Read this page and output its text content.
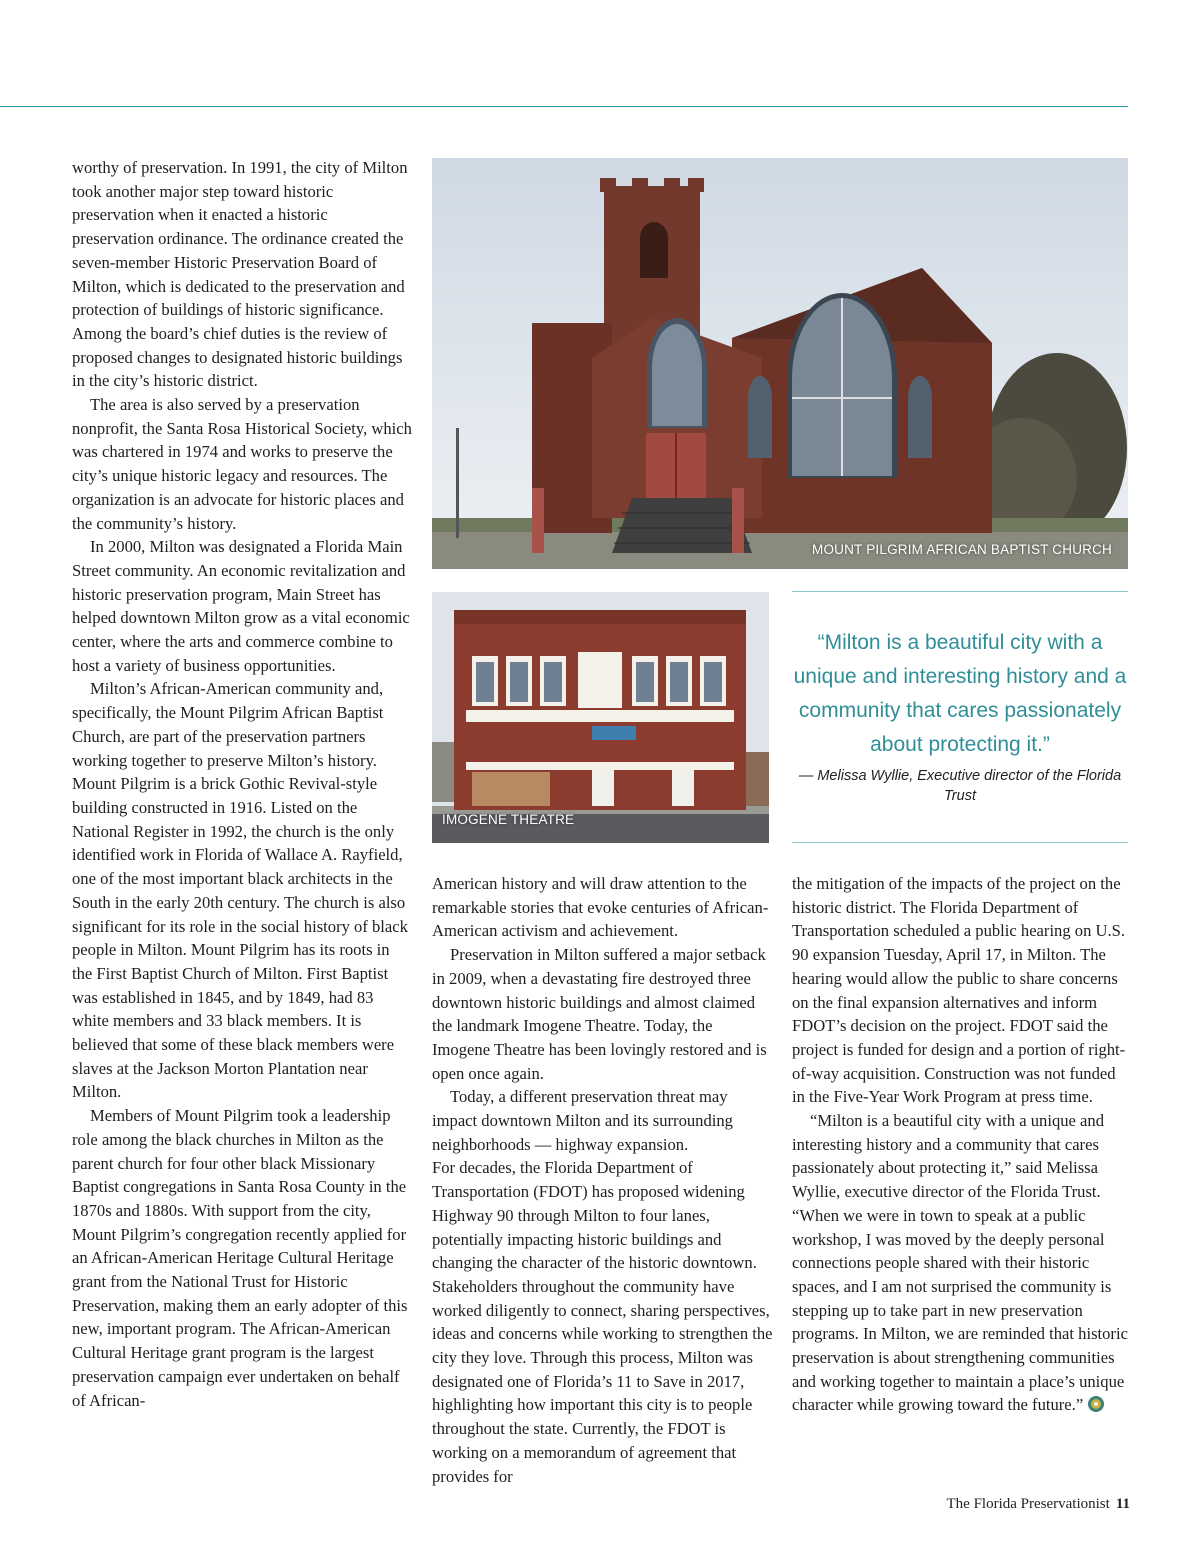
worthy of preservation. In 1991, the city of Milton took another major step toward historic preservation when it enacted a historic preservation ordinance. The ordinance created the seven-member Historic Preservation Board of Milton, which is dedicated to the preservation and protection of buildings of historic significance. Among the board’s chief duties is the review of proposed changes to designated historic buildings in the city’s historic district.

The area is also served by a preservation nonprofit, the Santa Rosa Historical Society, which was chartered in 1974 and works to preserve the city’s unique historic legacy and resources. The organization is an advocate for historic places and the community’s history.

In 2000, Milton was designated a Florida Main Street community. An economic revitalization and historic preservation program, Main Street has helped downtown Milton grow as a vital economic center, where the arts and commerce combine to host a variety of business opportunities.

Milton’s African-American community and, specifically, the Mount Pilgrim African Baptist Church, are part of the preservation partners working together to preserve Milton’s history. Mount Pilgrim is a brick Gothic Revival-style building constructed in 1916. Listed on the National Register in 1992, the church is the only identified work in Florida of Wallace A. Rayfield, one of the most important black architects in the South in the early 20th century. The church is also significant for its role in the social history of black people in Milton. Mount Pilgrim has its roots in the First Baptist Church of Milton. First Baptist was established in 1845, and by 1849, had 83 white members and 33 black members. It is believed that some of these black members were slaves at the Jackson Morton Plantation near Milton.

Members of Mount Pilgrim took a leadership role among the black churches in Milton as the parent church for four other black Missionary Baptist congregations in Santa Rosa County in the 1870s and 1880s. With support from the city, Mount Pilgrim’s congregation recently applied for an African-American Heritage Cultural Heritage grant from the National Trust for Historic Preservation, making them an early adopter of this new, important program. The African-American Cultural Heritage grant program is the largest preservation campaign ever undertaken on behalf of African-

MOUNT PILGRIM AFRICAN BAPTIST CHURCH
IMOGENE THEATRE
“Milton is a beautiful city with a unique and interesting history and a community that cares passionately about protecting it.”
— Melissa Wyllie, Executive director of the Florida Trust

American history and will draw attention to the remarkable stories that evoke centuries of African-American activism and achievement.

Preservation in Milton suffered a major setback in 2009, when a devastating fire destroyed three downtown historic buildings and almost claimed the landmark Imogene Theatre. Today, the Imogene Theatre has been lovingly restored and is open once again.

Today, a different preservation threat may impact downtown Milton and its surrounding neighborhoods — highway expansion.

For decades, the Florida Department of Transportation (FDOT) has proposed widening Highway 90 through Milton to four lanes, potentially impacting historic buildings and changing the character of the historic downtown. Stakeholders throughout the community have worked diligently to connect, sharing perspectives, ideas and concerns while working to strengthen the city they love. Through this process, Milton was designated one of Florida’s 11 to Save in 2017, highlighting how important this city is to people throughout the state. Currently, the FDOT is working on a memorandum of agreement that provides for

the mitigation of the impacts of the project on the historic district. The Florida Department of Transportation scheduled a public hearing on U.S. 90 expansion Tuesday, April 17, in Milton. The hearing would allow the public to share concerns on the final expansion alternatives and inform FDOT’s decision on the project. FDOT said the project is funded for design and a portion of right-of-way acquisition. Construction was not funded in the Five-Year Work Program at press time.

“Milton is a beautiful city with a unique and interesting history and a community that cares passionately about protecting it,” said Melissa Wyllie, executive director of the Florida Trust. “When we were in town to speak at a public workshop, I was moved by the deeply personal connections people shared with their historic spaces, and I am not surprised the community is stepping up to take part in new preservation programs. In Milton, we are reminded that historic preservation is about strengthening communities and working together to maintain a place’s unique character while growing toward the future.”

The Florida Preservationist 11
